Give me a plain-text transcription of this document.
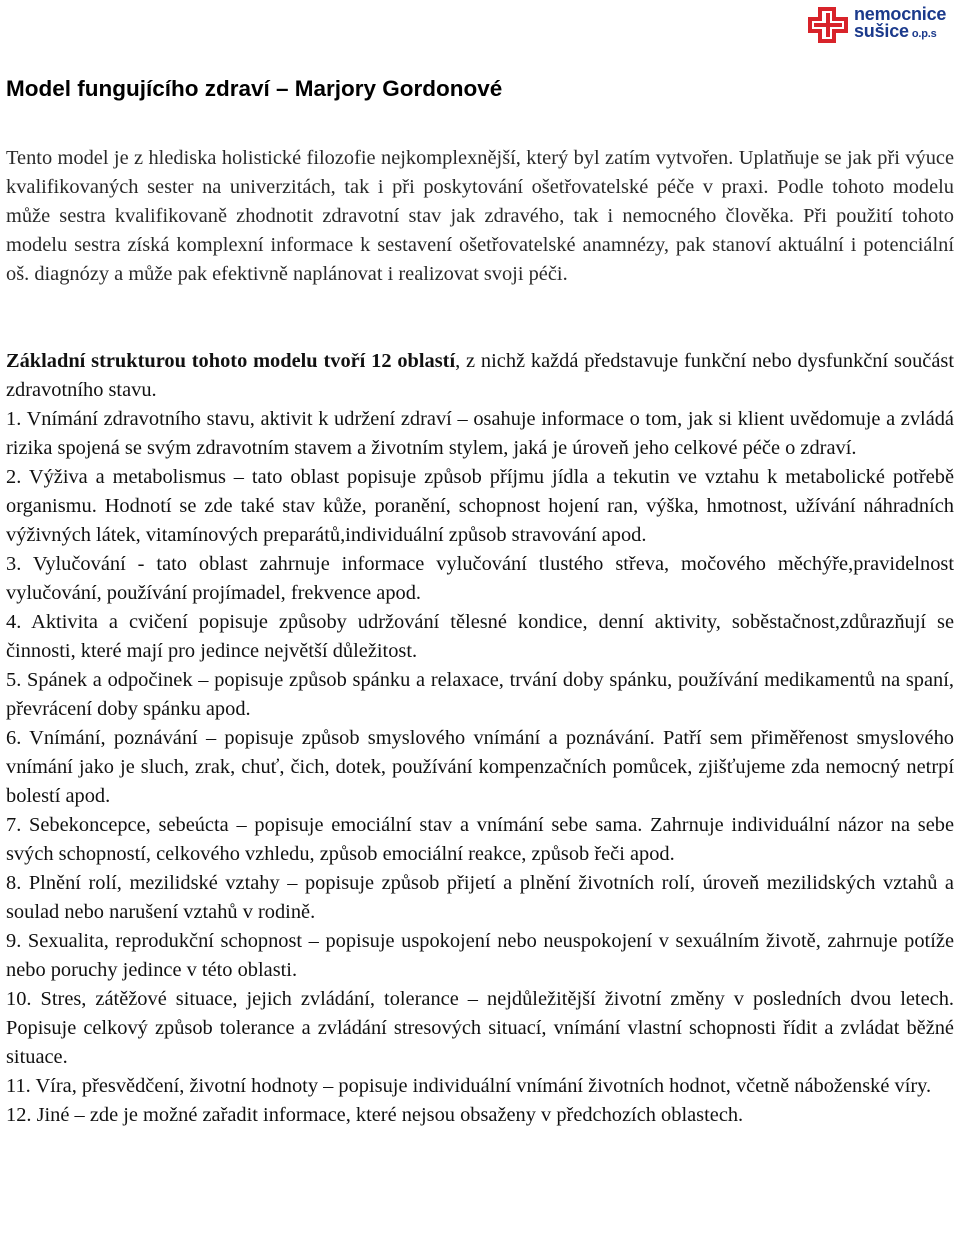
nemocnice
sušice o.p.s
Model fungujícího zdraví – Marjory Gordonové

Tento model je z hlediska holistické filozofie nejkomplexnější, který byl zatím vytvořen. Uplatňuje se jak při výuce kvalifikovaných sester na univerzitách, tak i při poskytování ošetřovatelské péče v praxi. Podle tohoto modelu může sestra kvalifikovaně zhodnotit zdravotní stav jak zdravého, tak i nemocného člověka. Při použití tohoto modelu sestra získá komplexní informace k sestavení ošetřovatelské anamnézy, pak stanoví aktuální i potenciální oš. diagnózy a může pak efektivně naplánovat i realizovat svoji péči.

Základní strukturou tohoto modelu tvoří 12 oblastí, z nichž každá představuje funkční nebo dysfunkční součást zdravotního stavu.

1. Vnímání zdravotního stavu, aktivit k udržení zdraví – osahuje informace o tom, jak si klient uvědomuje a zvládá rizika spojená se svým zdravotním stavem a životním stylem, jaká je úroveň jeho celkové péče o zdraví.

2. Výživa a metabolismus – tato oblast popisuje způsob příjmu jídla a tekutin ve vztahu k metabolické potřebě organismu. Hodnotí se zde také stav kůže, poranění, schopnost hojení ran, výška, hmotnost, užívání náhradních výživných látek, vitamínových preparátů,individuální způsob stravování apod.

3. Vylučování - tato oblast zahrnuje informace vylučování tlustého střeva, močového měchýře,pravidelnost vylučování, používání projímadel, frekvence apod.

4. Aktivita a cvičení popisuje způsoby udržování tělesné kondice, denní aktivity, soběstačnost,zdůrazňují se činnosti, které mají pro jedince největší důležitost.

5. Spánek a odpočinek – popisuje způsob spánku a relaxace, trvání doby spánku, používání medikamentů na spaní, převrácení doby spánku apod.

6. Vnímání, poznávání – popisuje způsob smyslového vnímání a poznávání. Patří sem přiměřenost smyslového vnímání jako je sluch, zrak, chuť, čich, dotek, používání kompenzačních pomůcek, zjišťujeme zda nemocný netrpí bolestí apod.

7. Sebekoncepce, sebeúcta – popisuje emociální stav a vnímání sebe sama. Zahrnuje individuální názor na sebe svých schopností, celkového vzhledu, způsob emociální reakce, způsob řeči apod.

8. Plnění rolí, mezilidské vztahy – popisuje způsob přijetí a plnění životních rolí, úroveň mezilidských vztahů a soulad nebo narušení vztahů v rodině.

9. Sexualita, reprodukční schopnost – popisuje uspokojení nebo neuspokojení v sexuálním životě, zahrnuje potíže nebo poruchy jedince v této oblasti.

10. Stres, zátěžové situace, jejich zvládání, tolerance – nejdůležitější životní změny v posledních dvou letech. Popisuje celkový způsob tolerance a zvládání stresových situací, vnímání vlastní schopnosti řídit a zvládat běžné situace.

11. Víra, přesvědčení, životní hodnoty – popisuje individuální vnímání životních hodnot, včetně náboženské víry.

12. Jiné – zde je možné zařadit informace, které nejsou obsaženy v předchozích oblastech.
